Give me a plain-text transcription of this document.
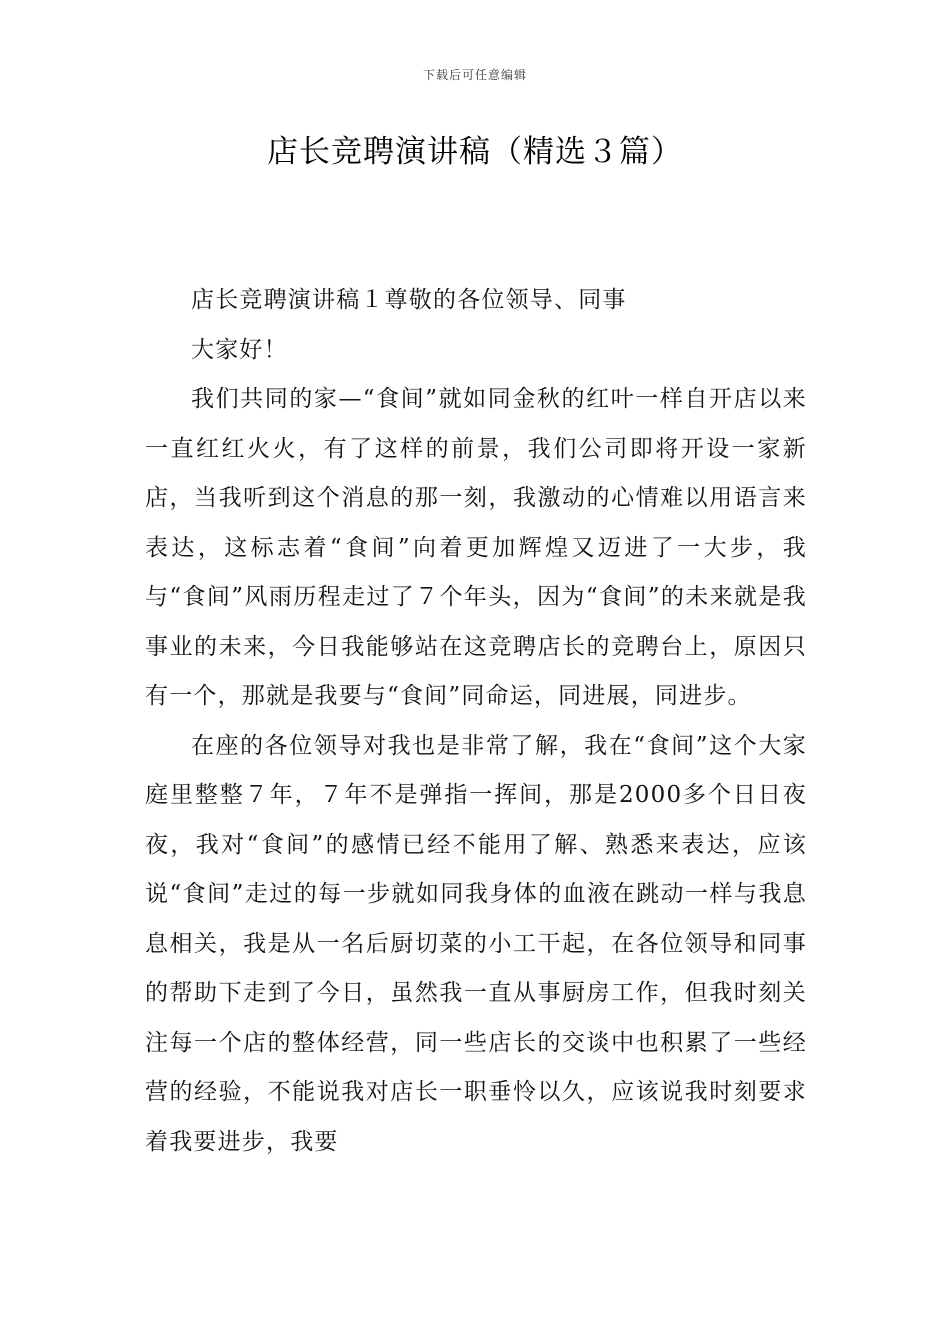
下载后可任意编辑
店长竞聘演讲稿（精选３篇）

店长竞聘演讲稿１尊敬的各位领导、同事

大家好！

我们共同的家—“食间”就如同金秋的红叶一样自开店以来一直红红火火，有了这样的前景，我们公司即将开设一家新店，当我听到这个消息的那一刻，我激动的心情难以用语言来表达，这标志着“食间”向着更加辉煌又迈进了一大步，我与“食间”风雨历程走过了７个年头，因为“食间”的未来就是我事业的未来，今日我能够站在这竞聘店长的竞聘台上，原因只有一个，那就是我要与“食间”同命运，同进展，同进步。

在座的各位领导对我也是非常了解，我在“食间”这个大家庭里整整７年，７年不是弹指一挥间，那是2000多个日日夜夜，我对“食间”的感情已经不能用了解、熟悉来表达，应该说“食间”走过的每一步就如同我身体的血液在跳动一样与我息息相关，我是从一名后厨切菜的小工干起，在各位领导和同事的帮助下走到了今日，虽然我一直从事厨房工作，但我时刻关注每一个店的整体经营，同一些店长的交谈中也积累了一些经营的经验，不能说我对店长一职垂怜以久，应该说我时刻要求着我要进步，我要
